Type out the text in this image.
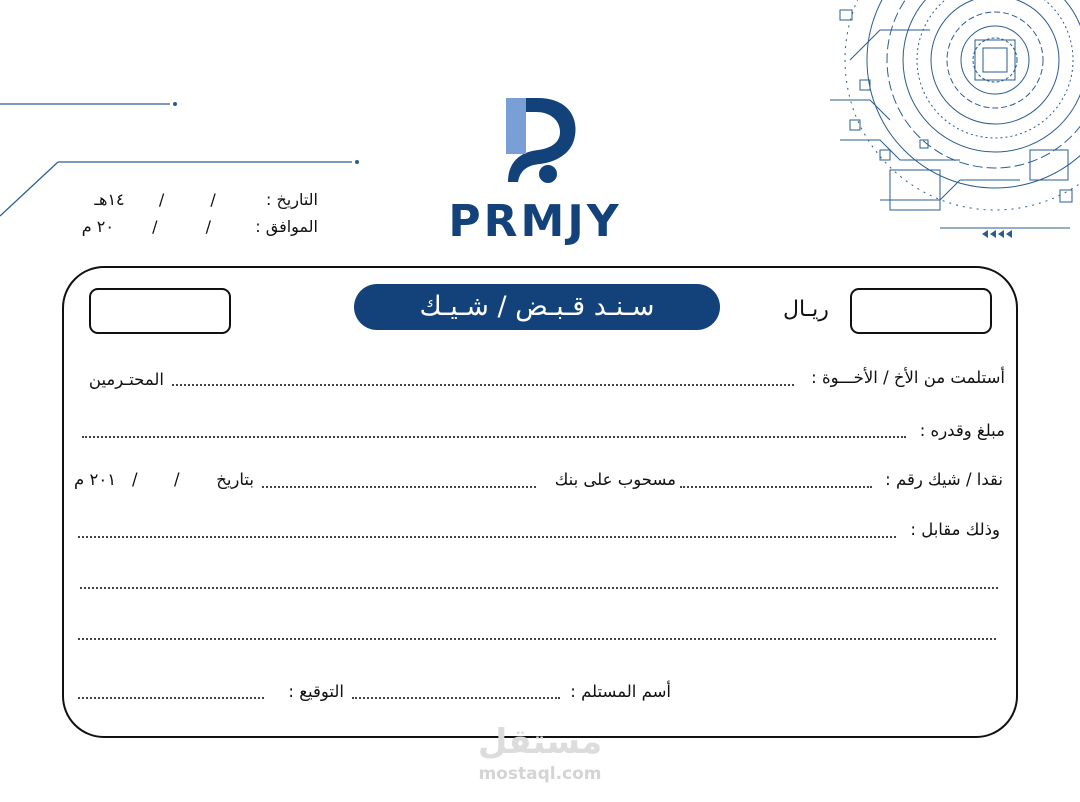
التاريخ :  /  /  ١٤هـ
الموافق :  /  /  ٢٠ م	PRMJY
سـنـد قـبـض / شـيـك	ريـال
أستلمت من الأخ / الأخـــوة :
المحتـرمين
مبلغ وقدره :
نقدا / شيك رقم :
مسحوب على بنك
بتاريخ
/
/
٢٠١ م
وذلك مقابل :
أسم المستلم :
التوقيع :
مستقل
mostaql.com
